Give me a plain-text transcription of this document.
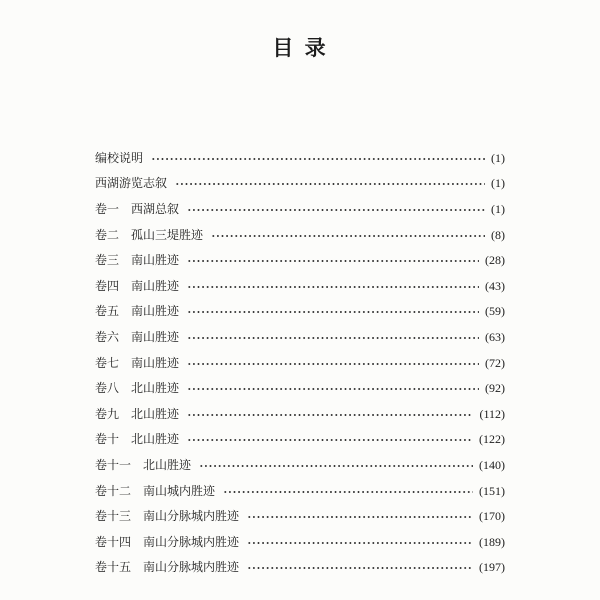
目 录
编校说明	(1)
西湖游览志叙	(1)
卷一 西湖总叙	(1)
卷二 孤山三堤胜迹	(8)
卷三 南山胜迹	(28)
卷四 南山胜迹	(43)
卷五 南山胜迹	(59)
卷六 南山胜迹	(63)
卷七 南山胜迹	(72)
卷八 北山胜迹	(92)
卷九 北山胜迹	(112)
卷十 北山胜迹	(122)
卷十一 北山胜迹	(140)
卷十二 南山城内胜迹	(151)
卷十三 南山分脉城内胜迹	(170)
卷十四 南山分脉城内胜迹	(189)
卷十五 南山分脉城内胜迹	(197)
